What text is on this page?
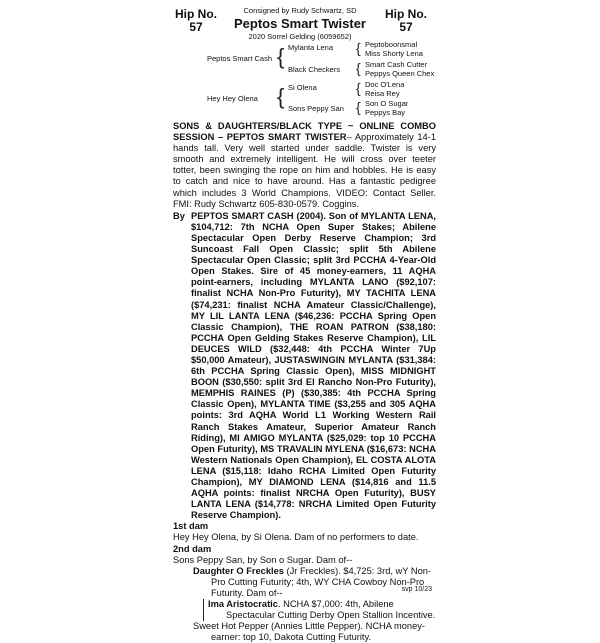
Hip No.
57
Hip No.
57
Consigned by Rudy Schwartz, SD
Peptos Smart Twister
2020 Sorrel Gelding (6059652)
Peptos Smart Cash { Mylanta Lena
Black Checkers
{ Peptoboonsmal
Miss Shorty Lena
{ Smart Cash Cutter
Peppys Queen Chex
Hey Hey Olena { Si Olena
Sons Peppy San
{ Doc O'Lena
Reisa Rey
{ Son O Sugar
Peppys Bay
SONS & DAUGHTERS/BLACK TYPE ~ ONLINE COMBO SESSION – PEPTOS SMART TWISTER– Approximately 14-1 hands tall. Very well started under saddle. Twister is very smooth and extremely intelligent. He will cross over teeter totter, been swinging the rope on him and hobbles. He is easy to catch and nice to have around. Has a fantastic pedigree which includes 3 World Champions. VIDEO: Contact Seller. FMI: Rudy Schwartz 605-830-0579. Coggins.
By PEPTOS SMART CASH (2004). Son of MYLANTA LENA, $104,712: 7th NCHA Open Super Stakes; Abilene Spectacular Open Derby Reserve Champion; 3rd Suncoast Fall Open Classic; split 5th Abilene Spectacular Open Classic; split 3rd PCCHA 4-Year-Old Open Stakes. Sire of 45 money-earners, 11 AQHA point-earners, including MYLANTA LANO ($92,107: finalist NCHA Non-Pro Futurity), MY TACHITA LENA ($74,231: finalist NCHA Amateur Classic/Challenge), MY LIL LANTA LENA ($46,236: PCCHA Spring Open Classic Champion), THE ROAN PATRON ($38,180: PCCHA Open Gelding Stakes Reserve Champion), LIL DEUCES WILD ($32,448: 4th PCCHA Winter 7Up $50,000 Amateur), JUSTASWINGIN MYLANTA ($31,384: 6th PCCHA Spring Classic Open), MISS MIDNIGHT BOON ($30,550: split 3rd El Rancho Non-Pro Futurity), MEMPHIS RAINES (P) ($30,385: 4th PCCHA Spring Classic Open), MYLANTA TIME ($3,255 and 305 AQHA points: 3rd AQHA World L1 Working Western Rail Ranch Stakes Amateur, Superior Amateur Ranch Riding), MI AMIGO MYLANTA ($25,029: top 10 PCCHA Open Futurity), MS TRAVALIN MYLENA ($16,673: NCHA Western Nationals Open Champion), EL COSTA ALOTA LENA ($15,118: Idaho RCHA Limited Open Futurity Champion), MY DIAMOND LENA ($14,816 and 11.5 AQHA points: finalist NRCHA Open Futurity), BUSY LANTA LENA ($14,778: NRCHA Limited Open Futurity Reserve Champion).
1st dam
Hey Hey Olena, by Si Olena. Dam of no performers to date.
2nd dam
Sons Peppy San, by Son o Sugar. Dam of--
Daughter O Freckles (Jr Freckles). $4,725: 3rd, wY Non-Pro Cutting Futurity; 4th, WY CHA Cowboy Non-Pro Futurity. Dam of--
Ima Aristocratic. NCHA $7,000: 4th, Abilene Spectacular Cutting Derby Open Stallion Incentive.
Sweet Hot Pepper (Annies Little Pepper). NCHA money-earner: top 10, Dakota Cutting Futurity.
svp 10/23
